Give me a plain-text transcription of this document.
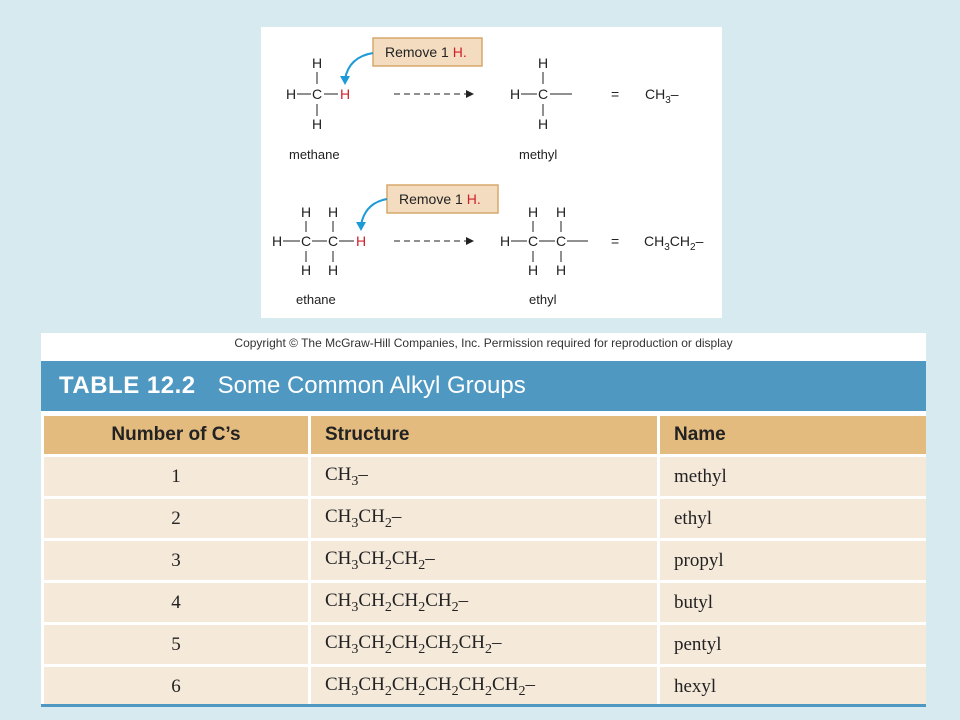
Remove 1 H.
H
H C H
H
methane
H
H C
H
methyl
= $CH_3-$
Remove 1 H.
H H
H C C H
H H
ethane
H H
H C C
H H
ethyl
= $CH_3CH_2-$
Copyright © The McGraw-Hill Companies, Inc. Permission required for reproduction or display
TABLE 12.2 Some Common Alkyl Groups
Number of C’s	Structure	Name
1	$CH_3-$	methyl
2	$CH_3CH_2-$	ethyl
3	$CH_3CH_2CH_2-$	propyl
4	$CH_3CH_2CH_2CH_2-$	butyl
5	$CH_3CH_2CH_2CH_2CH_2-$	pentyl
6	$CH_3CH_2CH_2CH_2CH_2CH_2-$	hexyl
